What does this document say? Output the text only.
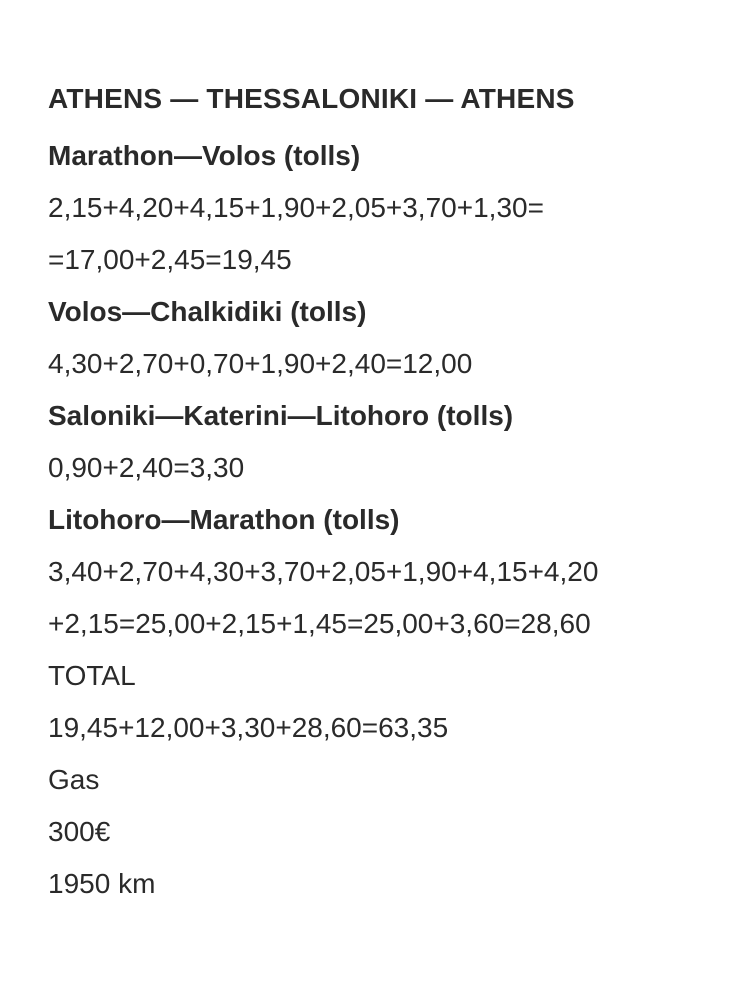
ATHENS — THESSALONIKI — ATHENS
Marathon—Volos (tolls)
2,15+4,20+4,15+1,90+2,05+3,70+1,30=
=17,00+2,45=19,45
Volos—Chalkidiki (tolls)
4,30+2,70+0,70+1,90+2,40=12,00
Saloniki—Katerini—Litohoro (tolls)
0,90+2,40=3,30
Litohoro—Marathon (tolls)
3,40+2,70+4,30+3,70+2,05+1,90+4,15+4,20
+2,15=25,00+2,15+1,45=25,00+3,60=28,60
TOTAL
19,45+12,00+3,30+28,60=63,35
Gas
300€
1950 km
